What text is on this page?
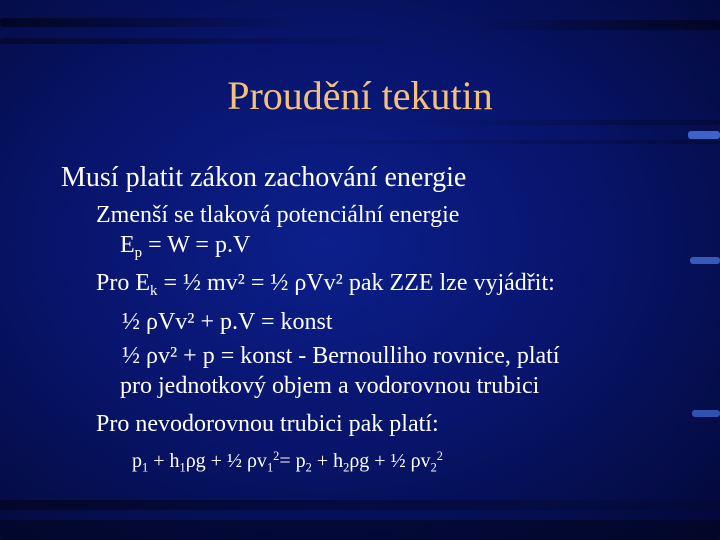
Proudění tekutin
Musí platit zákon zachování energie
Zmenší se tlaková potenciální energie
$E_p = W = p.V$
Pro $E_k$ = ½ mv² = ½ ρVv² pak ZZE lze vyjádřit:
½ ρVv² + p.V = konst
½ ρv² + p = konst - Bernoulliho rovnice, platí
pro jednotkový objem a vodorovnou trubici
Pro nevodorovnou trubici pak platí:
$p_1 + h_1\rho g$ + ½ $\rho v_1^2= p_2 + h_2\rho g$ + ½ $\rho v_2^2$
